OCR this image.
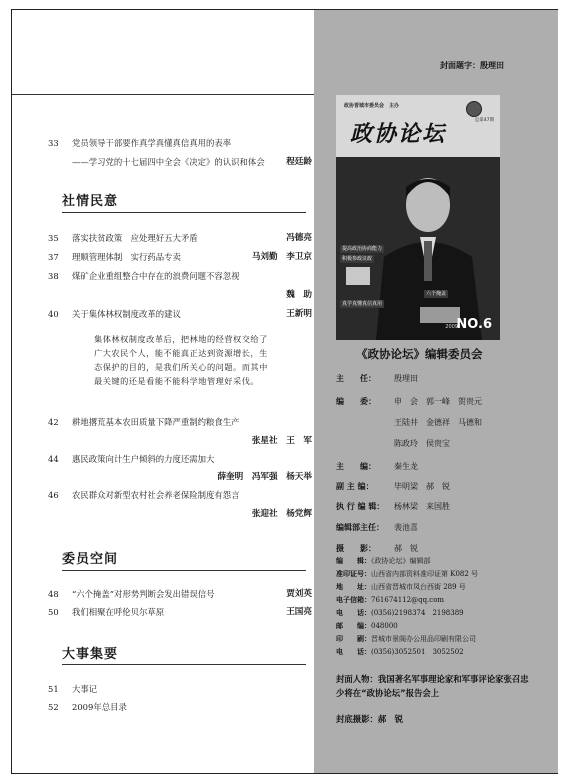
33 党员领导干部要作真学真懂真信真用的表率
——学习党的十七届四中全会《决定》的认识和体会	程廷龄
社情民意
35 落实扶贫政策　应处理好五大矛盾	冯德亮
37 理顺管理体制　实行药品专卖	马刘勤　李卫京
38 煤矿企业重组整合中存在的浪费问题不容忽视
魏　助
40 关于集体林权制度改革的建议	王新明
集体林权制度改革后，把林地的经营权交给了广大农民个人，能不能真正达到资源增长，生态保护的目的，是我们所关心的问题。而其中最关键的还是看能不能科学地管理好采伐。
42 耕地撂荒基本农田质量下降严重制约粮食生产
张星社　王　军
44 惠民政策向计生户倾斜的力度还需加大
薛奎明　冯军强　杨天举
46 农民群众对新型农村社会养老保险制度有怨言
张迎社　杨党辉
委员空间
48 “六个掩盖”对形势判断会发出错误信号	贾刘英
50 我们相聚在呼伦贝尔草原	王国亮
大事集要
51 大事记
52 2009年总目录
封面题字：殷理田
政协晋城市委员会　主办
总第47期
政协论坛
提高政治协商能力
积极参政议政
六个掩盖
真学真懂真信真用
2009
NO.6
《政协论坛》编辑委员会
主　　任： 殷理田
编　　委： 申　会　郭一峰　贺贵元
王陆井　金德祥　马德和
陈政玲　侯贵宝
主　　编： 秦生龙
副 主 编：	毕明梁　郝　锐
执 行 编 辑： 杨林梁　来国胜
编辑部主任： 裴池喜
摄　　影： 郝　锐
编　　辑：《政协论坛》编辑部
准印证号：山西省内部资料准印证第 K082 号
地　　址：山西省晋城市凤台西街 289 号
电子信箱：761674112@qq.com
电　　话：(0356)2198374　2198389
邮　　编：048000
印　　刷：晋城市景阁办公用品印刷有限公司
电　　话：(0356)3052501　3052502
封面人物：我国著名军事理论家和军事评论家张召忠少将在“政协论坛”报告会上
封底摄影：郝　锐
